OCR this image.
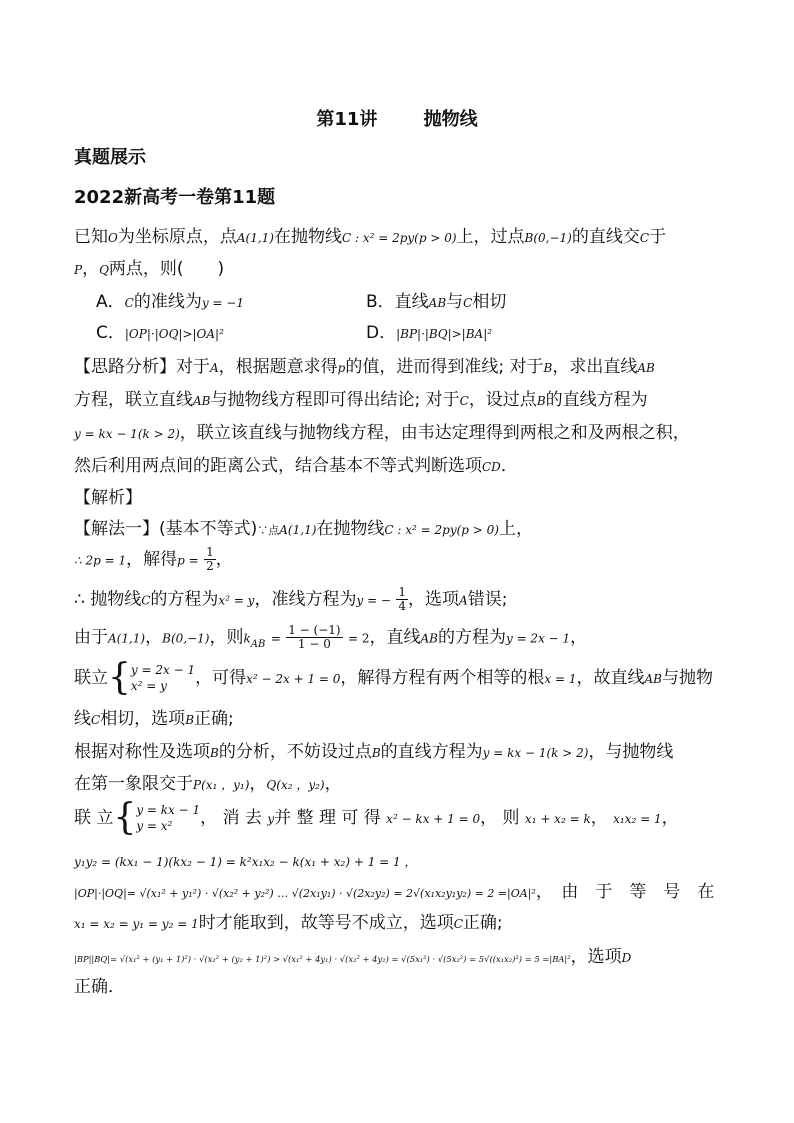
第11讲　 抛物线
真题展示
2022新高考一卷第11题
已知O为坐标原点，点A(1,1)在抛物线C : x² = 2py(p > 0)上，过点B(0,−1)的直线交C于
P，Q两点，则(　　)
A．C的准线为y = −1	B．直线AB与C相切
C．|OP|·|OQ|>|OA|²	D．|BP|·|BQ|>|BA|²
【思路分析】对于A，根据题意求得p的值，进而得到准线; 对于B，求出直线AB
方程，联立直线AB与抛物线方程即可得出结论; 对于C，设过点B的直线方程为
y = kx − 1(k > 2)，联立该直线与抛物线方程，由韦达定理得到两根之和及两根之积，
然后利用两点间的距离公式，结合基本不等式判断选项CD．
【解析】
【解法一】(基本不等式)∵点A(1,1)在抛物线C : x² = 2py(p > 0)上，
∴ 2p = 1，解得$p = \frac{1}{2}$ ，
∴ 抛物线C的方程为x² = y，准线方程为y = − $\frac{1}{4}$ ，选项A错误;
由于A(1,1)，B(0,−1)，则$k_{AB} = \frac{1 - (-1)}{1 - 0} = 2$，直线AB的方程为y = 2x − 1，
联立{ y = 2x − 1
x² = y	，可得x² − 2x + 1 = 0，解得方程有两个相等的根x = 1，故直线AB与抛物
线C相切，选项B正确;
根据对称性及选项B的分析，不妨设过点B的直线方程为y = kx − 1(k > 2)，与抛物线
在第一象限交于P(x₁ ，y₁)，Q(x₂ ，y₂)，
联 立{ y = kx − 1
y = x²	， 消 去 y并 整 理 可 得 x² − kx + 1 = 0， 则 x₁ + x₂ = k， x₁x₂ = 1，
y₁y₂ = (kx₁ − 1)(kx₂ − 1) = k²x₁x₂ − k(x₁ + x₂) + 1 = 1 ，
|OP|·|OQ|= √(x₁² + y₁²) · √(x₂² + y₂²) … √(2x₁y₁) · √(2x₂y₂) = 2√(x₁x₂y₁y₂) = 2 =|OA|²，　由　于　等　号　在
x₁ = x₂ = y₁ = y₂ = 1时才能取到，故等号不成立，选项C正确;
|BP||BQ|= √(x₁² + (y₁ + 1)²) · √(x₂² + (y₂ + 1)²) > √(x₁² + 4y₁) · √(x₂² + 4y₂) = √(5x₁²) · √(5x₂²) = 5√((x₁x₂)²) = 5 =|BA|²，选项D
正确．
